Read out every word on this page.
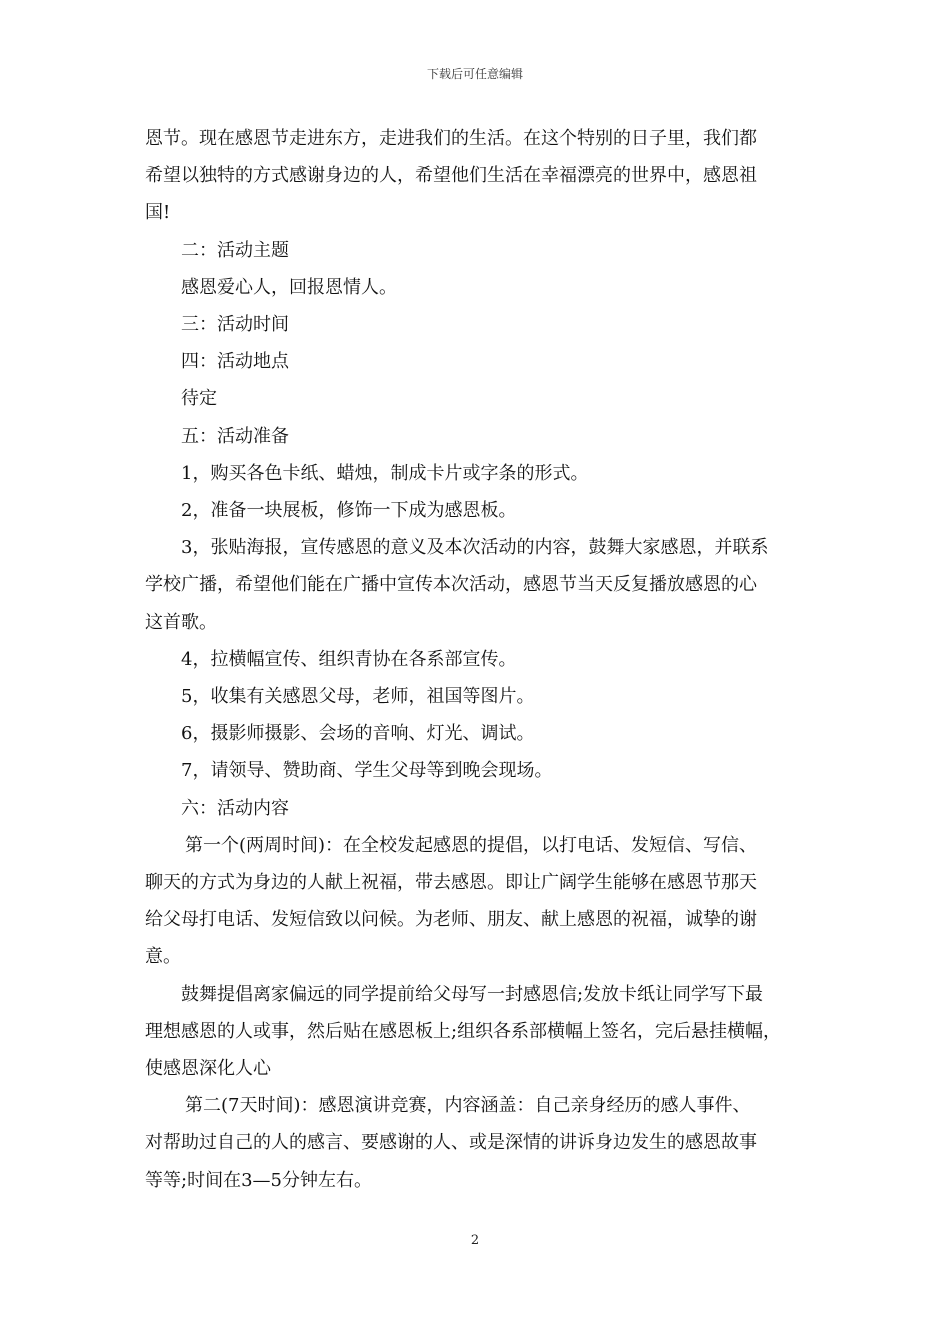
下载后可任意编辑

恩节。现在感恩节走进东方，走进我们的生活。在这个特别的日子里，我们都

希望以独特的方式感谢身边的人，希望他们生活在幸福漂亮的世界中，感恩祖

国!

二：活动主题

感恩爱心人，回报恩情人。

三：活动时间

四：活动地点

待定

五：活动准备

1，购买各色卡纸、蜡烛，制成卡片或字条的形式。

2，准备一块展板，修饰一下成为感恩板。

3，张贴海报，宣传感恩的意义及本次活动的内容，鼓舞大家感恩，并联系

学校广播，希望他们能在广播中宣传本次活动，感恩节当天反复播放感恩的心

这首歌。

4，拉横幅宣传、组织青协在各系部宣传。

5，收集有关感恩父母，老师，祖国等图片。

6，摄影师摄影、会场的音响、灯光、调试。

7，请领导、赞助商、学生父母等到晚会现场。

六：活动内容

第一个(两周时间)：在全校发起感恩的提倡，以打电话、发短信、写信、

聊天的方式为身边的人献上祝福，带去感恩。即让广阔学生能够在感恩节那天

给父母打电话、发短信致以问候。为老师、朋友、献上感恩的祝福，诚挚的谢

意。

鼓舞提倡离家偏远的同学提前给父母写一封感恩信;发放卡纸让同学写下最

理想感恩的人或事，然后贴在感恩板上;组织各系部横幅上签名，完后悬挂横幅，

使感恩深化人心

第二(7天时间)：感恩演讲竞赛，内容涵盖：自己亲身经历的感人事件、

对帮助过自己的人的感言、要感谢的人、或是深情的讲诉身边发生的感恩故事

等等;时间在3—5分钟左右。

2
